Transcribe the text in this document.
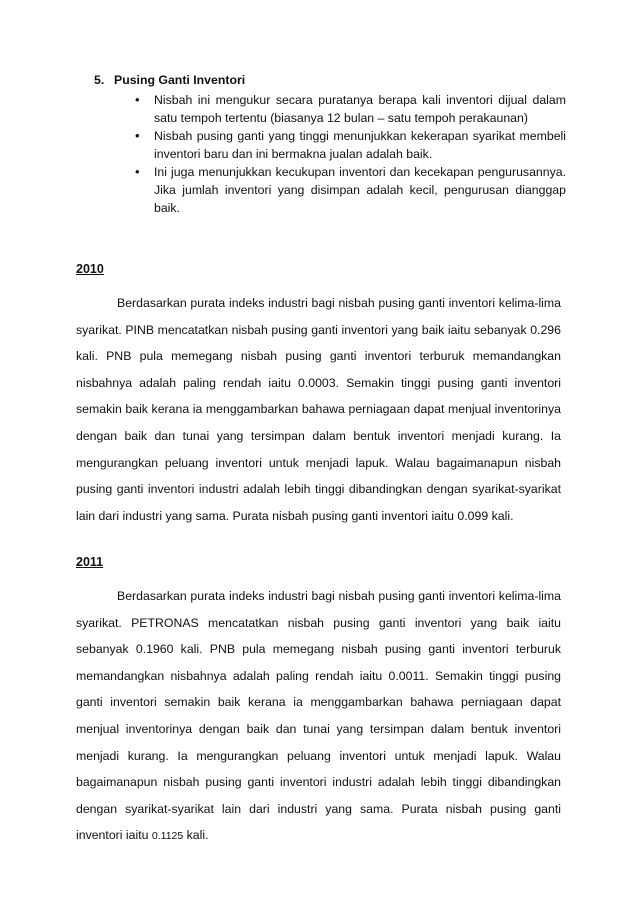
5. Pusing Ganti Inventori

• Nisbah ini mengukur secara puratanya berapa kali inventori dijual dalam satu tempoh tertentu (biasanya 12 bulan – satu tempoh perakaunan)
• Nisbah pusing ganti yang tinggi menunjukkan kekerapan syarikat membeli inventori baru dan ini bermakna jualan adalah baik.
• Ini juga menunjukkan kecukupan inventori dan kecekapan pengurusannya. Jika jumlah inventori yang disimpan adalah kecil, pengurusan dianggap baik.

2010

Berdasarkan purata indeks industri bagi nisbah pusing ganti inventori kelima-lima syarikat. PINB mencatatkan nisbah pusing ganti inventori yang baik iaitu sebanyak 0.296 kali. PNB pula memegang nisbah pusing ganti inventori terburuk memandangkan nisbahnya adalah paling rendah iaitu 0.0003. Semakin tinggi pusing ganti inventori semakin baik kerana ia menggambarkan bahawa perniagaan dapat menjual inventorinya dengan baik dan tunai yang tersimpan dalam bentuk inventori menjadi kurang. Ia mengurangkan peluang inventori untuk menjadi lapuk. Walau bagaimanapun nisbah pusing ganti inventori industri adalah lebih tinggi dibandingkan dengan syarikat-syarikat lain dari industri yang sama. Purata nisbah pusing ganti inventori iaitu 0.099 kali.

2011

Berdasarkan purata indeks industri bagi nisbah pusing ganti inventori kelima-lima syarikat. PETRONAS mencatatkan nisbah pusing ganti inventori yang baik iaitu sebanyak 0.1960 kali. PNB pula memegang nisbah pusing ganti inventori terburuk memandangkan nisbahnya adalah paling rendah iaitu 0.0011. Semakin tinggi pusing ganti inventori semakin baik kerana ia menggambarkan bahawa perniagaan dapat menjual inventorinya dengan baik dan tunai yang tersimpan dalam bentuk inventori menjadi kurang. Ia mengurangkan peluang inventori untuk menjadi lapuk. Walau bagaimanapun nisbah pusing ganti inventori industri adalah lebih tinggi dibandingkan dengan syarikat-syarikat lain dari industri yang sama. Purata nisbah pusing ganti inventori iaitu 0.1125 kali.
